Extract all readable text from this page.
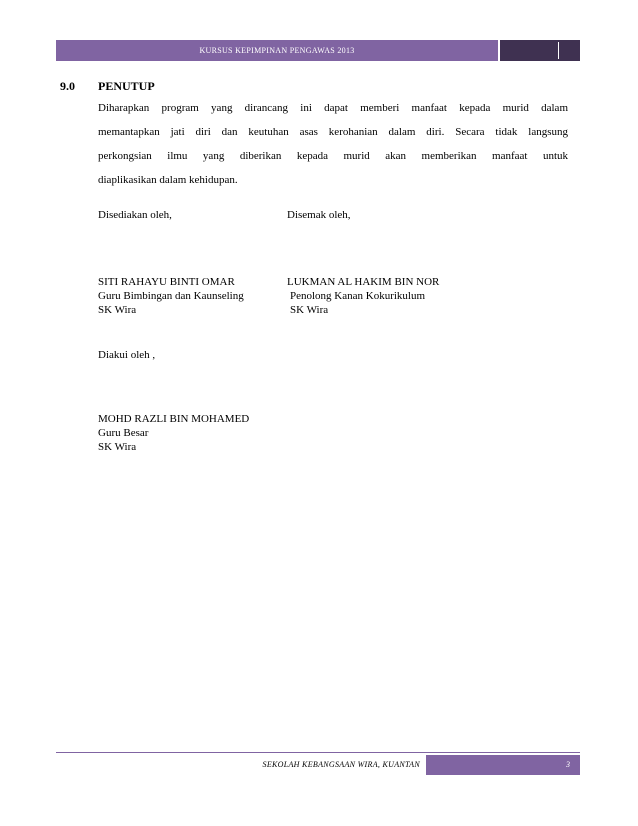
KURSUS KEPIMPINAN PENGAWAS 2013
9.0 PENUTUP
Diharapkan program yang dirancang ini dapat memberi manfaat kepada murid dalam
memantapkan jati diri dan keutuhan asas kerohanian dalam diri. Secara tidak langsung
perkongsian ilmu yang diberikan kepada murid akan memberikan manfaat untuk
diaplikasikan dalam kehidupan.
Disediakan oleh,
SITI RAHAYU BINTI OMAR
Guru Bimbingan dan Kaunseling
SK Wira
Disemak oleh,
LUKMAN AL HAKIM BIN NOR
Penolong Kanan Kokurikulum
SK Wira
Diakui oleh ,
MOHD RAZLI BIN MOHAMED
Guru Besar
SK Wira
SEKOLAH KEBANGSAAN WIRA, KUANTAN	3
